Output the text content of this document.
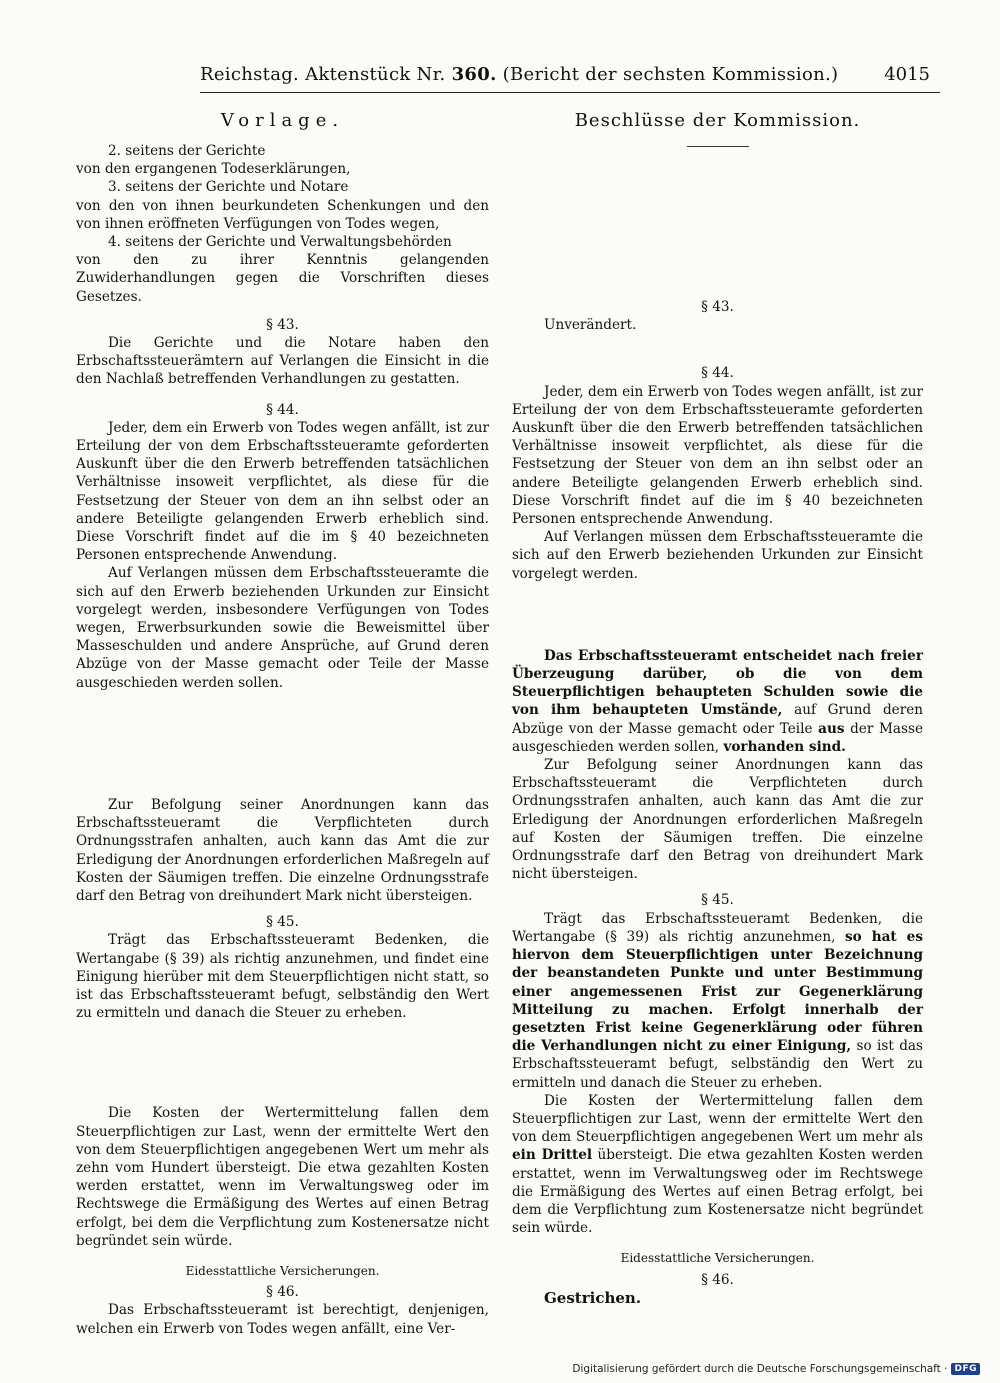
Reichstag. Aktenstück Nr. 360. (Bericht der sechsten Kommission.)	4015
Vorlage.

2. seitens der Gerichte

von den ergangenen Todeserklärungen,

3. seitens der Gerichte und Notare

von den von ihnen beurkundeten Schenkungen und den von ihnen eröffneten Verfügungen von Todes wegen,

4. seitens der Gerichte und Verwaltungsbehörden

von den zu ihrer Kenntnis gelangenden Zuwiderhandlungen gegen die Vorschriften dieses Gesetzes.

§ 43.

Die Gerichte und die Notare haben den Erbschaftssteuerämtern auf Verlangen die Einsicht in die den Nachlaß betreffenden Verhandlungen zu gestatten.

§ 44.

Jeder, dem ein Erwerb von Todes wegen anfällt, ist zur Erteilung der von dem Erbschaftssteueramte geforderten Auskunft über die den Erwerb betreffenden tatsächlichen Verhältnisse insoweit verpflichtet, als diese für die Festsetzung der Steuer von dem an ihn selbst oder an andere Beteiligte gelangenden Erwerb erheblich sind. Diese Vorschrift findet auf die im § 40 bezeichneten Personen entsprechende Anwendung.

Auf Verlangen müssen dem Erbschaftssteueramte die sich auf den Erwerb beziehenden Urkunden zur Einsicht vorgelegt werden, insbesondere Verfügungen von Todes wegen, Erwerbsurkunden sowie die Beweismittel über Masseschulden und andere Ansprüche, auf Grund deren Abzüge von der Masse gemacht oder Teile der Masse ausgeschieden werden sollen.

Zur Befolgung seiner Anordnungen kann das Erbschaftssteueramt die Verpflichteten durch Ordnungsstrafen anhalten, auch kann das Amt die zur Erledigung der Anordnungen erforderlichen Maßregeln auf Kosten der Säumigen treffen. Die einzelne Ordnungsstrafe darf den Betrag von dreihundert Mark nicht übersteigen.

§ 45.

Trägt das Erbschaftssteueramt Bedenken, die Wertangabe (§ 39) als richtig anzunehmen, und findet eine Einigung hierüber mit dem Steuerpflichtigen nicht statt, so ist das Erbschaftssteueramt befugt, selbständig den Wert zu ermitteln und danach die Steuer zu erheben.

Die Kosten der Wertermittelung fallen dem Steuerpflichtigen zur Last, wenn der ermittelte Wert den von dem Steuerpflichtigen angegebenen Wert um mehr als zehn vom Hundert übersteigt. Die etwa gezahlten Kosten werden erstattet, wenn im Verwaltungsweg oder im Rechtswege die Ermäßigung des Wertes auf einen Betrag erfolgt, bei dem die Verpflichtung zum Kostenersatze nicht begründet sein würde.

Eidesstattliche Versicherungen.
§ 46.

Das Erbschaftssteueramt ist berechtigt, denjenigen, welchen ein Erwerb von Todes wegen anfällt, eine Ver-

Beschlüsse der Kommission.
§ 43.

Unverändert.

§ 44.

Jeder, dem ein Erwerb von Todes wegen anfällt, ist zur Erteilung der von dem Erbschaftssteueramte geforderten Auskunft über die den Erwerb betreffenden tatsächlichen Verhältnisse insoweit verpflichtet, als diese für die Festsetzung der Steuer von dem an ihn selbst oder an andere Beteiligte gelangenden Erwerb erheblich sind. Diese Vorschrift findet auf die im § 40 bezeichneten Personen entsprechende Anwendung.

Auf Verlangen müssen dem Erbschaftssteueramte die sich auf den Erwerb beziehenden Urkunden zur Einsicht vorgelegt werden.

Das Erbschaftssteueramt entscheidet nach freier Überzeugung darüber, ob die von dem Steuerpflichtigen behaupteten Schulden sowie die von ihm behaupteten Umstände, auf Grund deren Abzüge von der Masse gemacht oder Teile aus der Masse ausgeschieden werden sollen, vorhanden sind.

Zur Befolgung seiner Anordnungen kann das Erbschaftssteueramt die Verpflichteten durch Ordnungsstrafen anhalten, auch kann das Amt die zur Erledigung der Anordnungen erforderlichen Maßregeln auf Kosten der Säumigen treffen. Die einzelne Ordnungsstrafe darf den Betrag von dreihundert Mark nicht übersteigen.

§ 45.

Trägt das Erbschaftssteueramt Bedenken, die Wertangabe (§ 39) als richtig anzunehmen, so hat es hiervon dem Steuerpflichtigen unter Bezeichnung der beanstandeten Punkte und unter Bestimmung einer angemessenen Frist zur Gegenerklärung Mitteilung zu machen. Erfolgt innerhalb der gesetzten Frist keine Gegenerklärung oder führen die Verhandlungen nicht zu einer Einigung, so ist das Erbschaftssteueramt befugt, selbständig den Wert zu ermitteln und danach die Steuer zu erheben.

Die Kosten der Wertermittelung fallen dem Steuerpflichtigen zur Last, wenn der ermittelte Wert den von dem Steuerpflichtigen angegebenen Wert um mehr als ein Drittel übersteigt. Die etwa gezahlten Kosten werden erstattet, wenn im Verwaltungsweg oder im Rechtswege die Ermäßigung des Wertes auf einen Betrag erfolgt, bei dem die Verpflichtung zum Kostenersatze nicht begründet sein würde.

Eidesstattliche Versicherungen.
§ 46.

Gestrichen.

Digitalisierung gefördert durch die Deutsche Forschungsgemeinschaft · DFG
